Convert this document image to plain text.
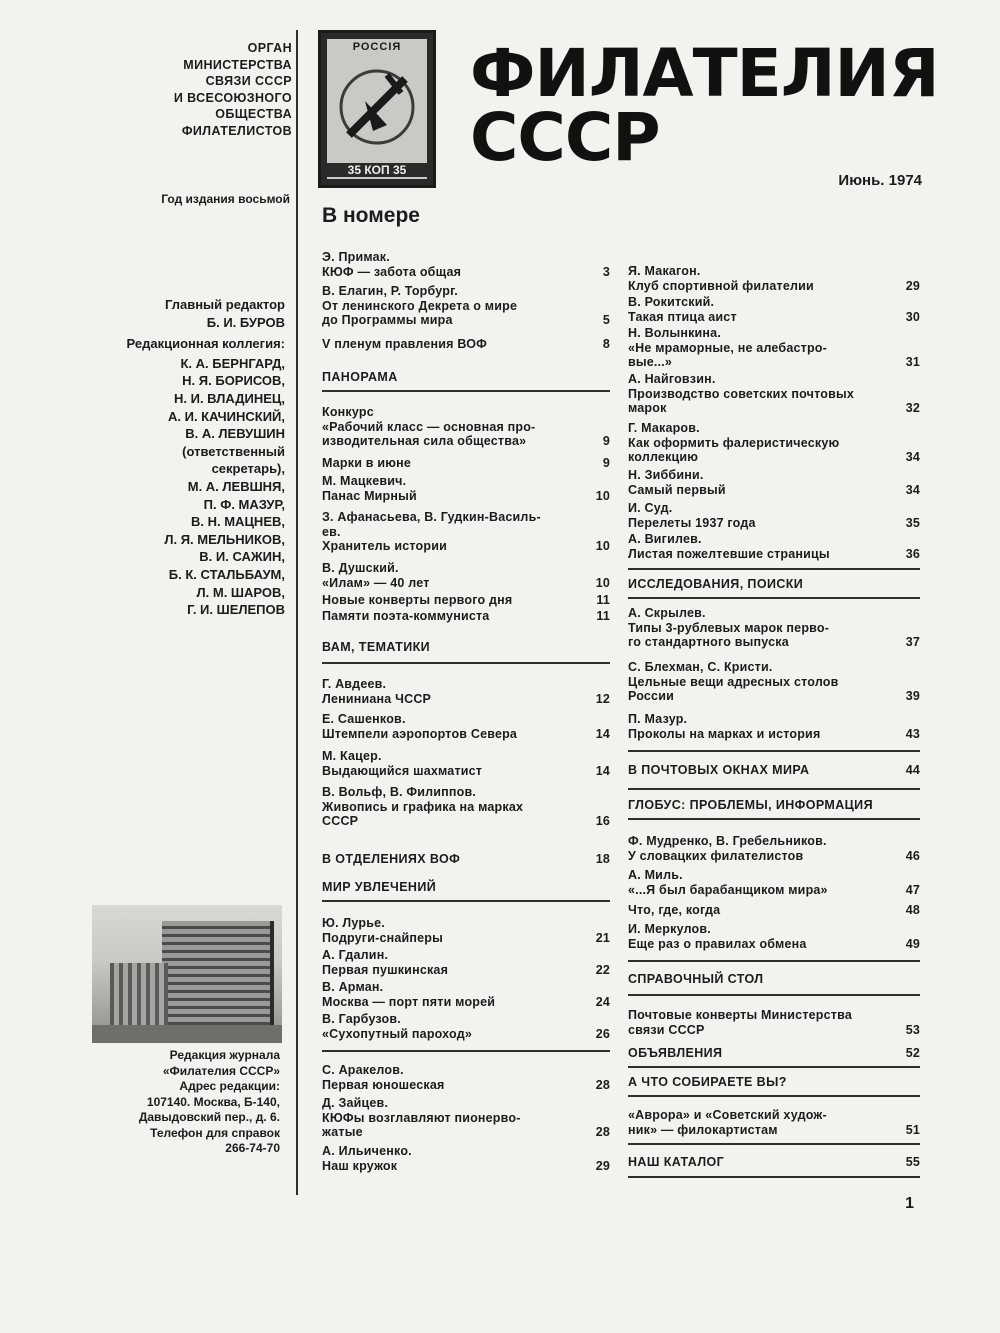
РОССIЯ
35 КОП 35
ФИЛАТЕЛИЯ
СССР
Июнь. 1974
В номере
ОРГАН
МИНИСТЕРСТВА
СВЯЗИ СССР
И ВСЕСОЮЗНОГО
ОБЩЕСТВА
ФИЛАТЕЛИСТОВ
Год издания восьмой
Главный редактор
Б. И. БУРОВ
Редакционная коллегия:
К. А. БЕРНГАРД,
Н. Я. БОРИСОВ,
Н. И. ВЛАДИНЕЦ,
А. И. КАЧИНСКИЙ,
В. А. ЛЕВУШИН
(ответственный
секретарь),
М. А. ЛЕВШНЯ,
П. Ф. МАЗУР,
В. Н. МАЦНЕВ,
Л. Я. МЕЛЬНИКОВ,
В. И. САЖИН,
Б. К. СТАЛЬБАУМ,
Л. М. ШАРОВ,
Г. И. ШЕЛЕПОВ
Редакция журнала
«Филателия СССР»
Адрес редакции:
107140. Москва, Б-140,
Давыдовский пер., д. 6.
Телефон для справок
266-74-70
Э. Примак.
КЮФ — забота общая	3
В. Елагин, Р. Торбург.
От ленинского Декрета о мире
до Программы мира	5
V пленум правления ВОФ	8
ПАНОРАМА
Конкурс
«Рабочий класс — основная про-
изводительная сила общества»	9
Марки в июне	9
М. Мацкевич.
Панас Мирный	10
З. Афанасьева, В. Гудкин-Василь-
ев.
Хранитель истории	10
В. Душский.
«Илам» — 40 лет	10
Новые конверты первого дня	11
Памяти поэта-коммуниста	11
ВАМ, ТЕМАТИКИ
Г. Авдеев.
Лениниана ЧССР	12
Е. Сашенков.
Штемпели аэропортов Севера	14
М. Кацер.
Выдающийся шахматист	14
В. Вольф, В. Филиппов.
Живопись и графика на марках
СССР	16
В ОТДЕЛЕНИЯХ ВОФ	18
МИР УВЛЕЧЕНИЙ
Ю. Лурье.
Подруги-снайперы	21
А. Гдалин.
Первая пушкинская	22
В. Арман.
Москва — порт пяти морей	24
В. Гарбузов.
«Сухопутный пароход»	26
С. Аракелов.
Первая юношеская	28
Д. Зайцев.
КЮФы возглавляют пионерво-
жатые	28
А. Ильиченко.
Наш кружок	29
Я. Макагон.
Клуб спортивной филателии	29
В. Рокитский.
Такая птица аист	30
Н. Волынкина.
«Не мраморные, не алебастро-
вые...»	31
А. Найговзин.
Производство советских почтовых
марок	32
Г. Макаров.
Как оформить фалеристическую
коллекцию	34
Н. Зиббини.
Самый первый	34
И. Суд.
Перелеты 1937 года	35
А. Вигилев.
Листая пожелтевшие страницы	36
ИССЛЕДОВАНИЯ, ПОИСКИ
А. Скрылев.
Типы 3-рублевых марок перво-
го стандартного выпуска	37
С. Блехман, С. Кристи.
Цельные вещи адресных столов
России	39
П. Мазур.
Проколы на марках и история	43
В ПОЧТОВЫХ ОКНАХ МИРА	44
ГЛОБУС: ПРОБЛЕМЫ, ИНФОРМАЦИЯ
Ф. Мудренко, В. Гребельников.
У словацких филателистов	46
А. Миль.
«...Я был барабанщиком мира»	47
Что, где, когда	48
И. Меркулов.
Еще раз о правилах обмена	49
СПРАВОЧНЫЙ СТОЛ
Почтовые конверты Министерства
связи СССР	53
ОБЪЯВЛЕНИЯ	52
А ЧТО СОБИРАЕТЕ ВЫ?
«Аврора» и «Советский худож-
ник» — филокартистам	51
НАШ КАТАЛОГ	55
1
